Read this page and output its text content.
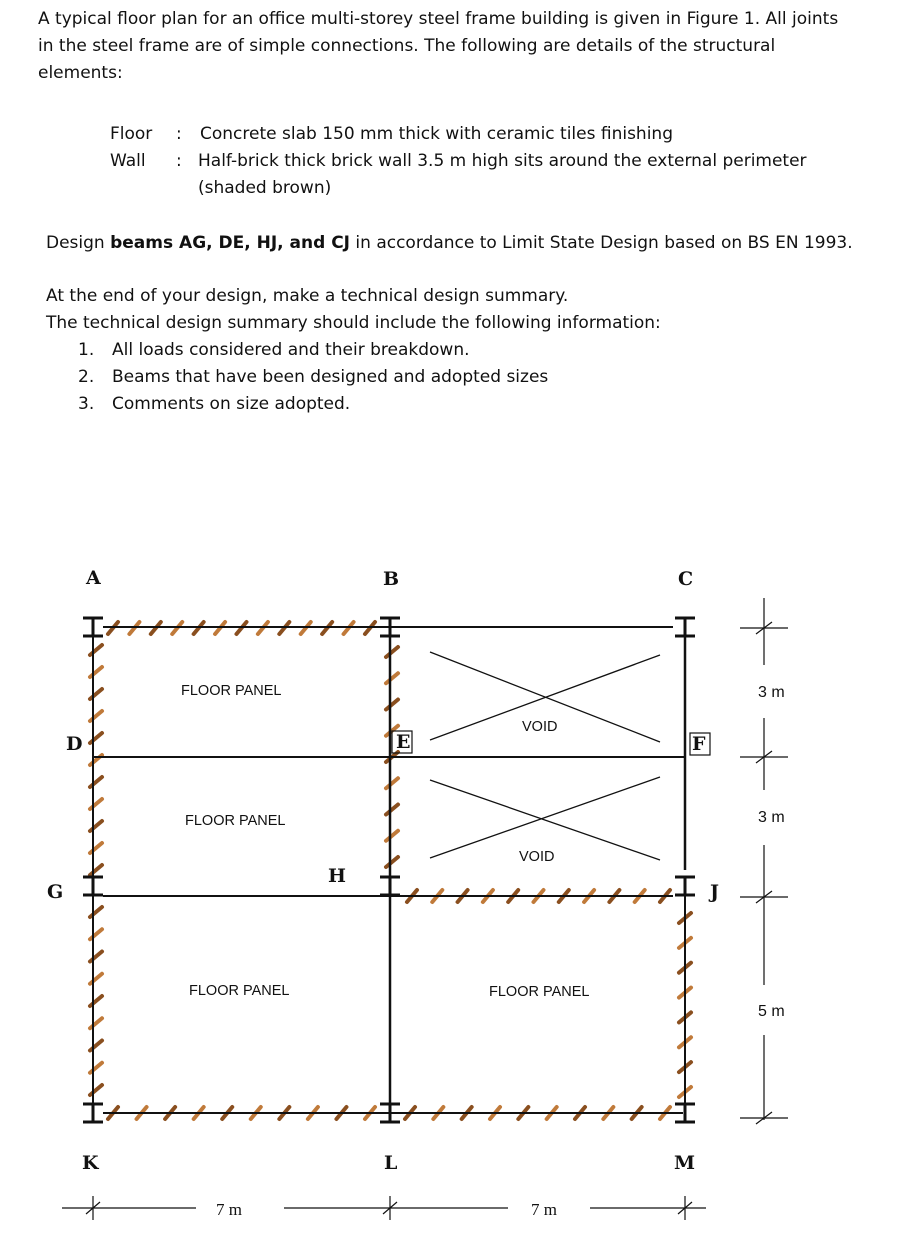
A typical floor plan for an office multi-storey steel frame building is given in Figure 1. All joints
in the steel frame are of simple connections. The following are details of the structural
elements:
Floor : Concrete slab 150 mm thick with ceramic tiles finishing
Wall : Half-brick thick brick wall 3.5 m high sits around the external perimeter
(shaded brown)
Design beams AG, DE, HJ, and CJ in accordance to Limit State Design based on BS EN 1993.
At the end of your design, make a technical design summary.
The technical design summary should include the following information:
1. All loads considered and their breakdown.
2. Beams that have been designed and adopted sizes
3. Comments on size adopted.
A	B	C
D	E	F
G
H
J
K	L	M
FLOOR PANEL
FLOOR PANEL
FLOOR PANEL	FLOOR PANEL
VOID
VOID
7 m	7 m
3 m
3 m
5 m
